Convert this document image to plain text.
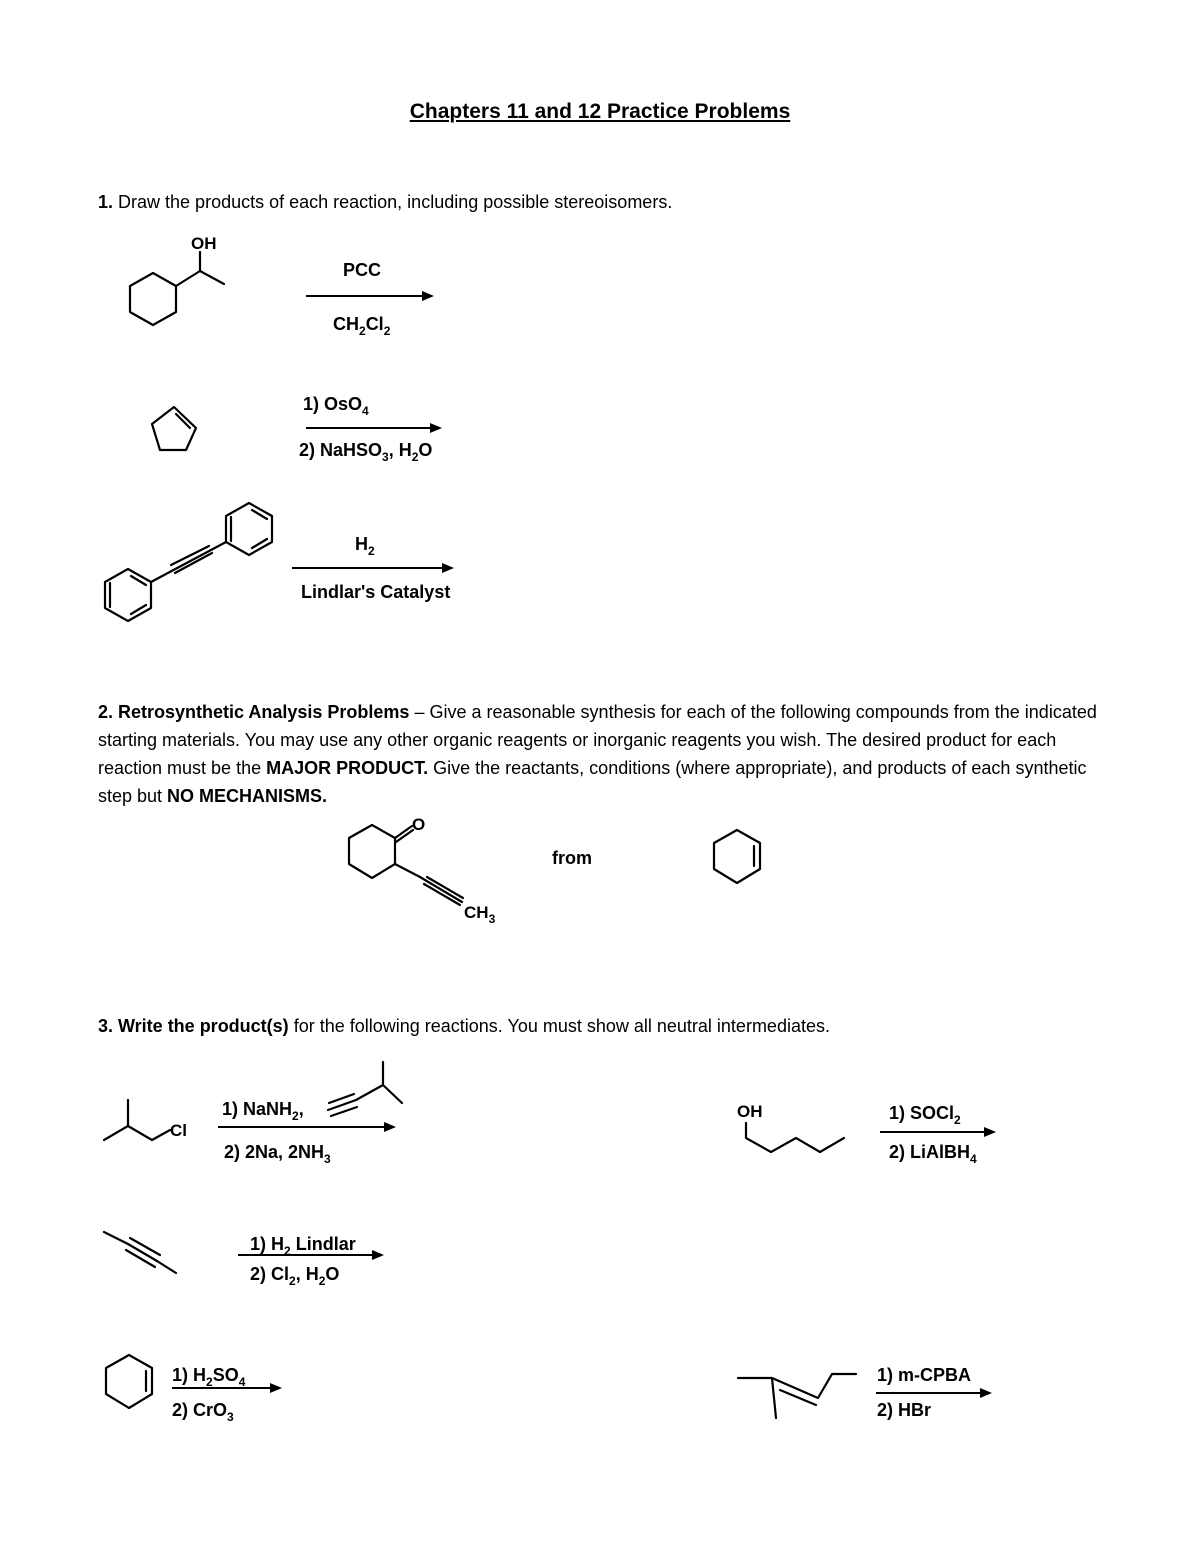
Chapters 11 and 12 Practice Problems
1. Draw the products of each reaction, including possible stereoisomers.
2. Retrosynthetic Analysis Problems – Give a reasonable synthesis for each of the following compounds from the indicated starting materials. You may use any other organic reagents or inorganic reagents you wish. The desired product for each reaction must be the MAJOR PRODUCT. Give the reactants, conditions (where appropriate), and products of each synthetic step but NO MECHANISMS.
3. Write the product(s) for the following reactions. You must show all neutral intermediates.
OH
PCC
$CH_2Cl_2$
1) OsO$_4$
2) NaHSO$_3$, $H_2O$
$H_2$
Lindlar's Catalyst
O
$CH_3$
from
Cl
1) NaNH$_2$,
2) 2Na, $2NH_3$
OH	1) SOCl$_2$
2) LiAlBH$_4$
1) $H_2$ Lindlar
2) $Cl_2$, $H_2O$
1) $H_2SO_4$
2) CrO$_3$
1) m-CPBA
2) HBr
